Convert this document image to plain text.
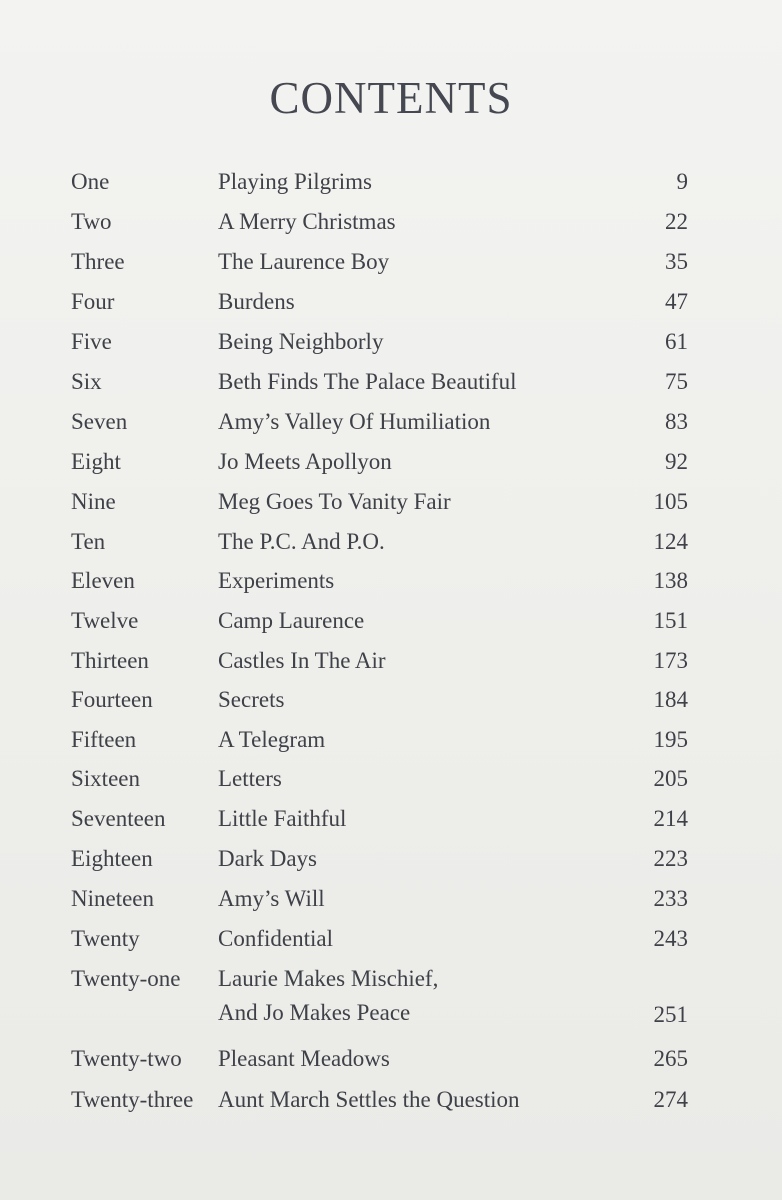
CONTENTS
One	Playing Pilgrims	9
Two	A Merry Christmas	22
Three	The Laurence Boy	35
Four	Burdens	47
Five	Being Neighborly	61
Six	Beth Finds The Palace Beautiful	75
Seven	Amy’s Valley Of Humiliation	83
Eight	Jo Meets Apollyon	92
Nine	Meg Goes To Vanity Fair	105
Ten	The P.C. And P.O.	124
Eleven	Experiments	138
Twelve	Camp Laurence	151
Thirteen	Castles In The Air	173
Fourteen	Secrets	184
Fifteen	A Telegram	195
Sixteen	Letters	205
Seventeen Little Faithful	214
Eighteen	Dark Days	223
Nineteen	Amy’s Will	233
Twenty	Confidential	243
Twenty-one Laurie Makes Mischief,
And Jo Makes Peace	251
Twenty-two Pleasant Meadows	265
Twenty-three Aunt March Settles the Question	274
